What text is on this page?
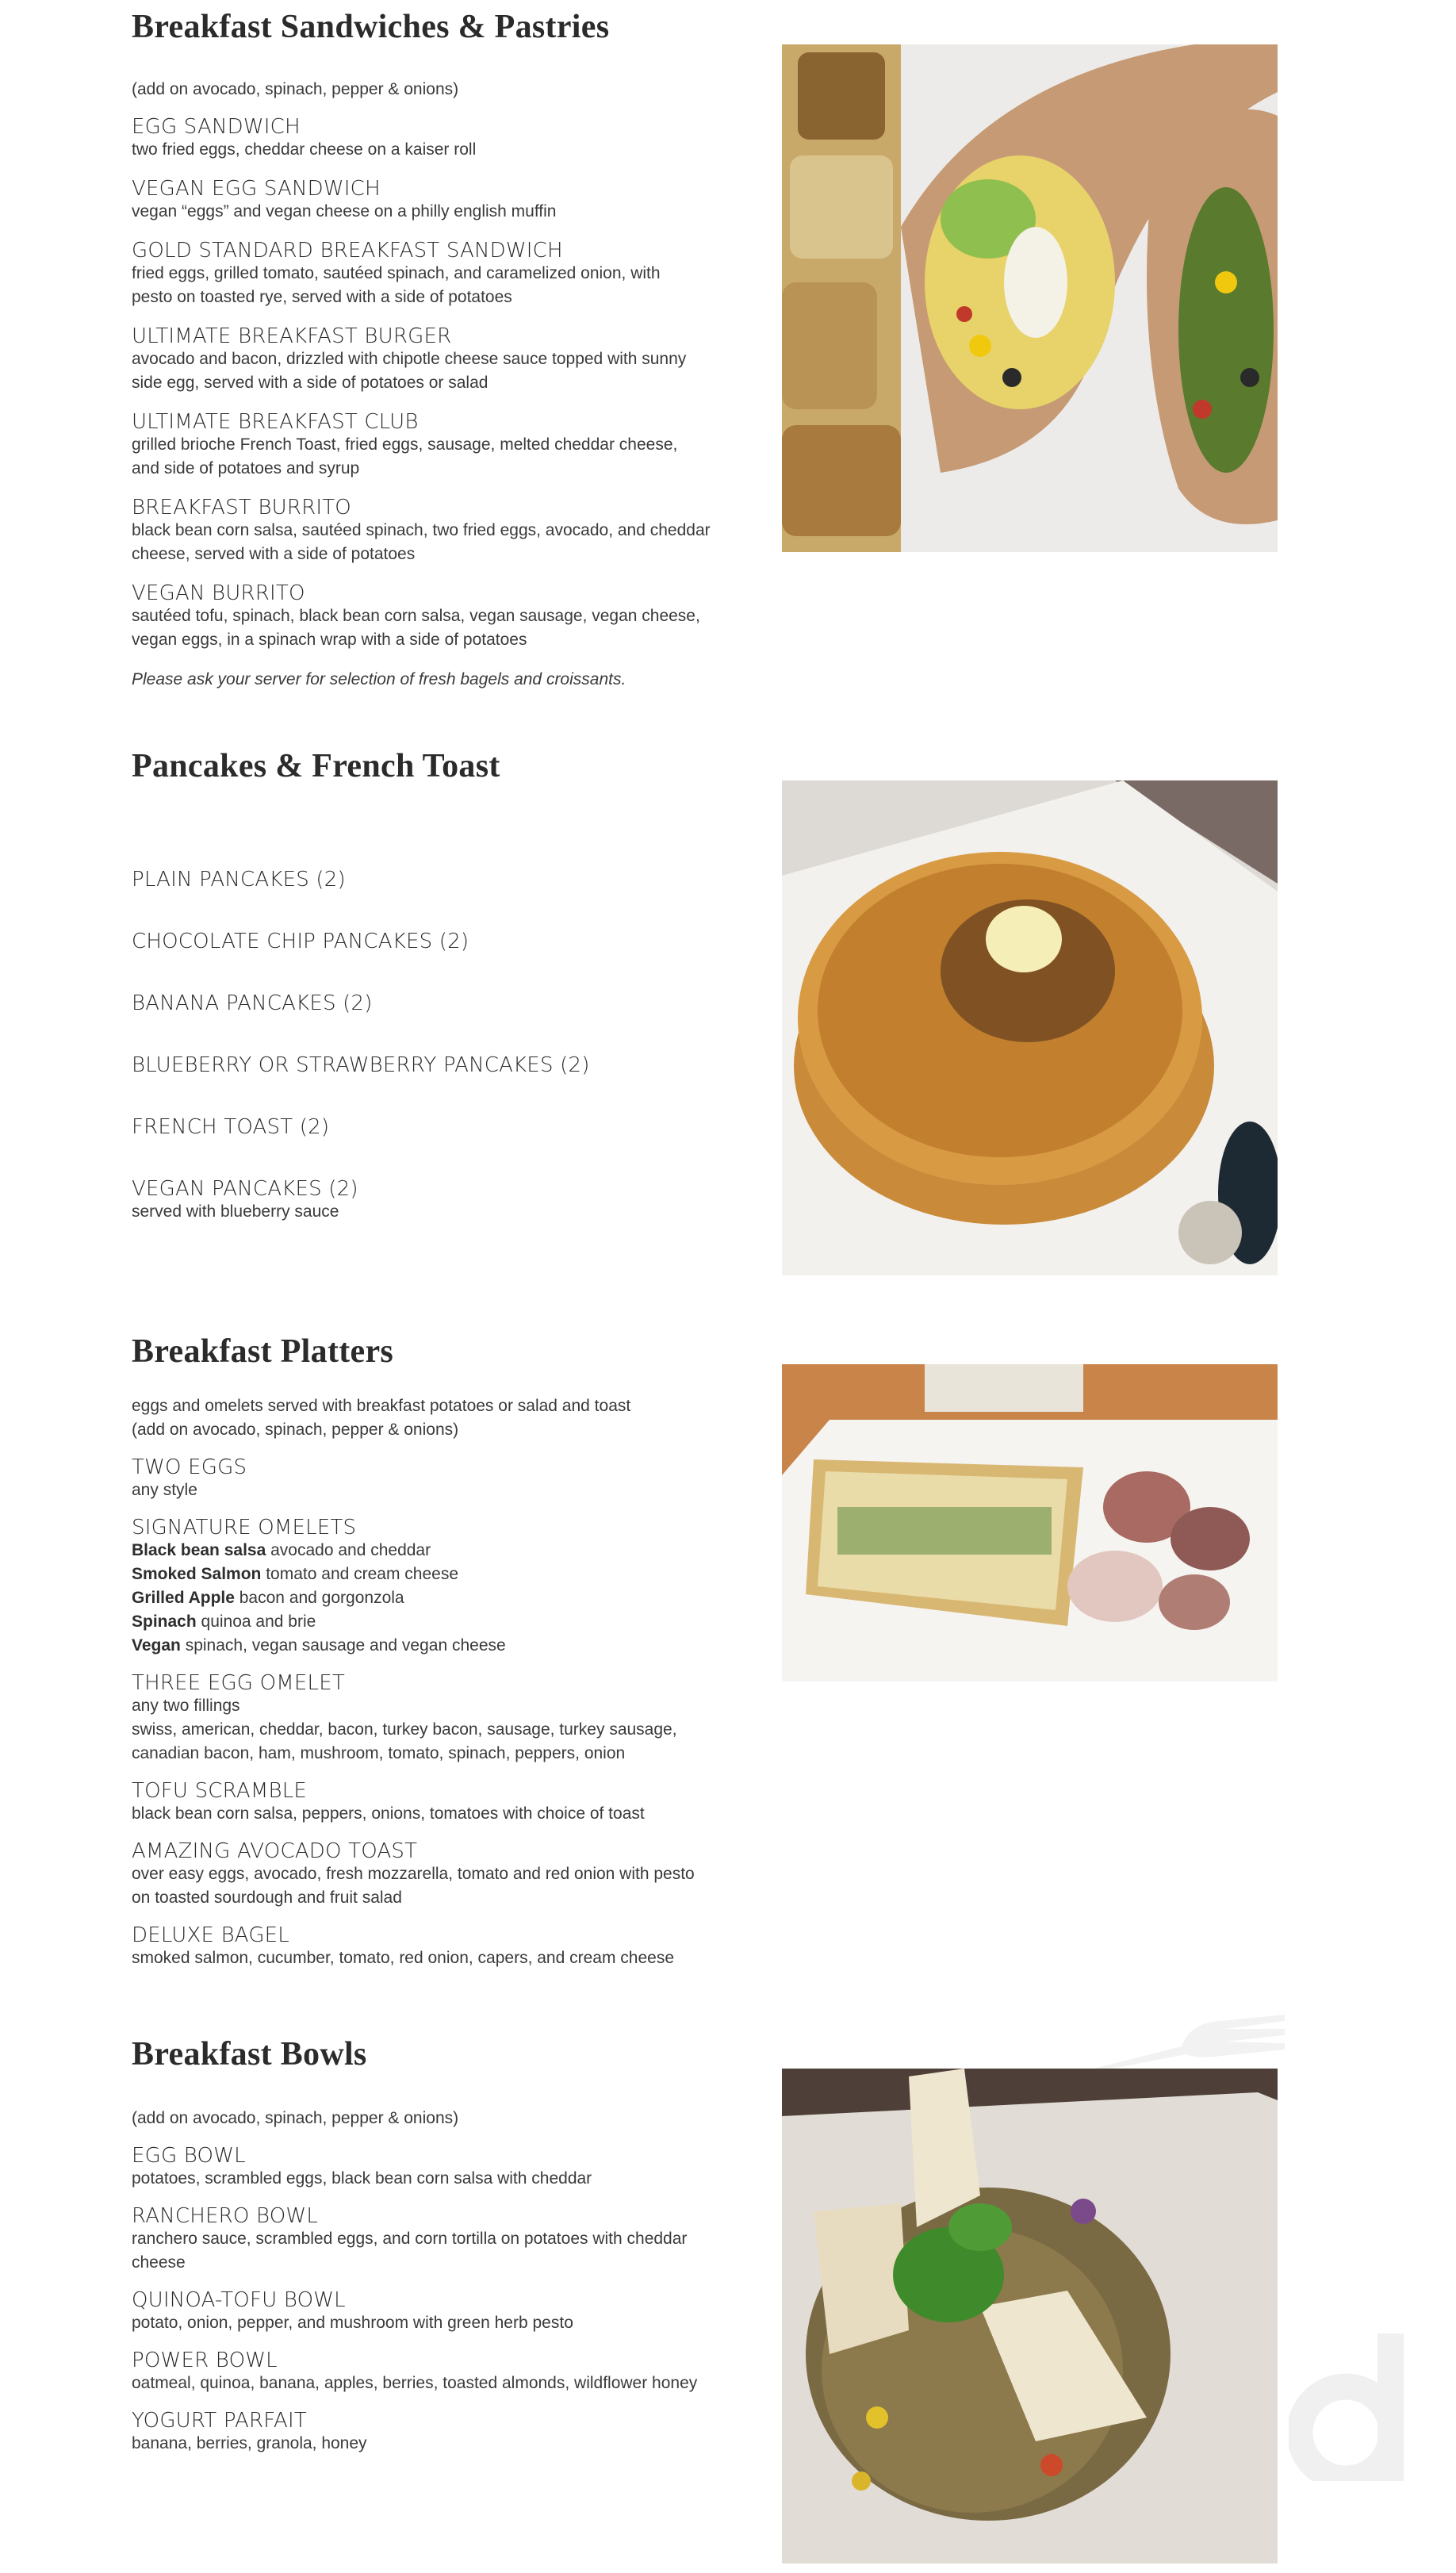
Breakfast Sandwiches & Pastries

(add on avocado, spinach, pepper & onions)

EGG SANDWICH
two fried eggs, cheddar cheese on a kaiser roll
VEGAN EGG SANDWICH
vegan “eggs” and vegan cheese on a philly english muffin
GOLD STANDARD BREAKFAST SANDWICH
fried eggs, grilled tomato, sautéed spinach, and caramelized onion, with
pesto on toasted rye, served with a side of potatoes
ULTIMATE BREAKFAST BURGER
avocado and bacon, drizzled with chipotle cheese sauce topped with sunny
side egg, served with a side of potatoes or salad
ULTIMATE BREAKFAST CLUB
grilled brioche French Toast, fried eggs, sausage, melted cheddar cheese,
and side of potatoes and syrup
BREAKFAST BURRITO
black bean corn salsa, sautéed spinach, two fried eggs, avocado, and cheddar
cheese, served with a side of potatoes
VEGAN BURRITO
sautéed tofu, spinach, black bean corn salsa, vegan sausage, vegan cheese,
vegan eggs, in a spinach wrap with a side of potatoes

Please ask your server for selection of fresh bagels and croissants.

Pancakes & French Toast
PLAIN PANCAKES (2)
CHOCOLATE CHIP PANCAKES (2)
BANANA PANCAKES (2)
BLUEBERRY OR STRAWBERRY PANCAKES (2)
FRENCH TOAST (2)
VEGAN PANCAKES (2)
served with blueberry sauce
Breakfast Platters

eggs and omelets served with breakfast potatoes or salad and toast

(add on avocado, spinach, pepper & onions)

TWO EGGS
any style
SIGNATURE OMELETS
Black bean salsa avocado and cheddar
Smoked Salmon tomato and cream cheese
Grilled Apple bacon and gorgonzola
Spinach quinoa and brie
Vegan spinach, vegan sausage and vegan cheese
THREE EGG OMELET
any two fillings
swiss, american, cheddar, bacon, turkey bacon, sausage, turkey sausage,
canadian bacon, ham, mushroom, tomato, spinach, peppers, onion
TOFU SCRAMBLE
black bean corn salsa, peppers, onions, tomatoes with choice of toast
AMAZING AVOCADO TOAST
over easy eggs, avocado, fresh mozzarella, tomato and red onion with pesto
on toasted sourdough and fruit salad
DELUXE BAGEL
smoked salmon, cucumber, tomato, red onion, capers, and cream cheese
Breakfast Bowls

(add on avocado, spinach, pepper & onions)

EGG BOWL
potatoes, scrambled eggs, black bean corn salsa with cheddar
RANCHERO BOWL
ranchero sauce, scrambled eggs, and corn tortilla on potatoes with cheddar
cheese
QUINOA-TOFU BOWL
potato, onion, pepper, and mushroom with green herb pesto
POWER BOWL
oatmeal, quinoa, banana, apples, berries, toasted almonds, wildflower honey
YOGURT PARFAIT
banana, berries, granola, honey
